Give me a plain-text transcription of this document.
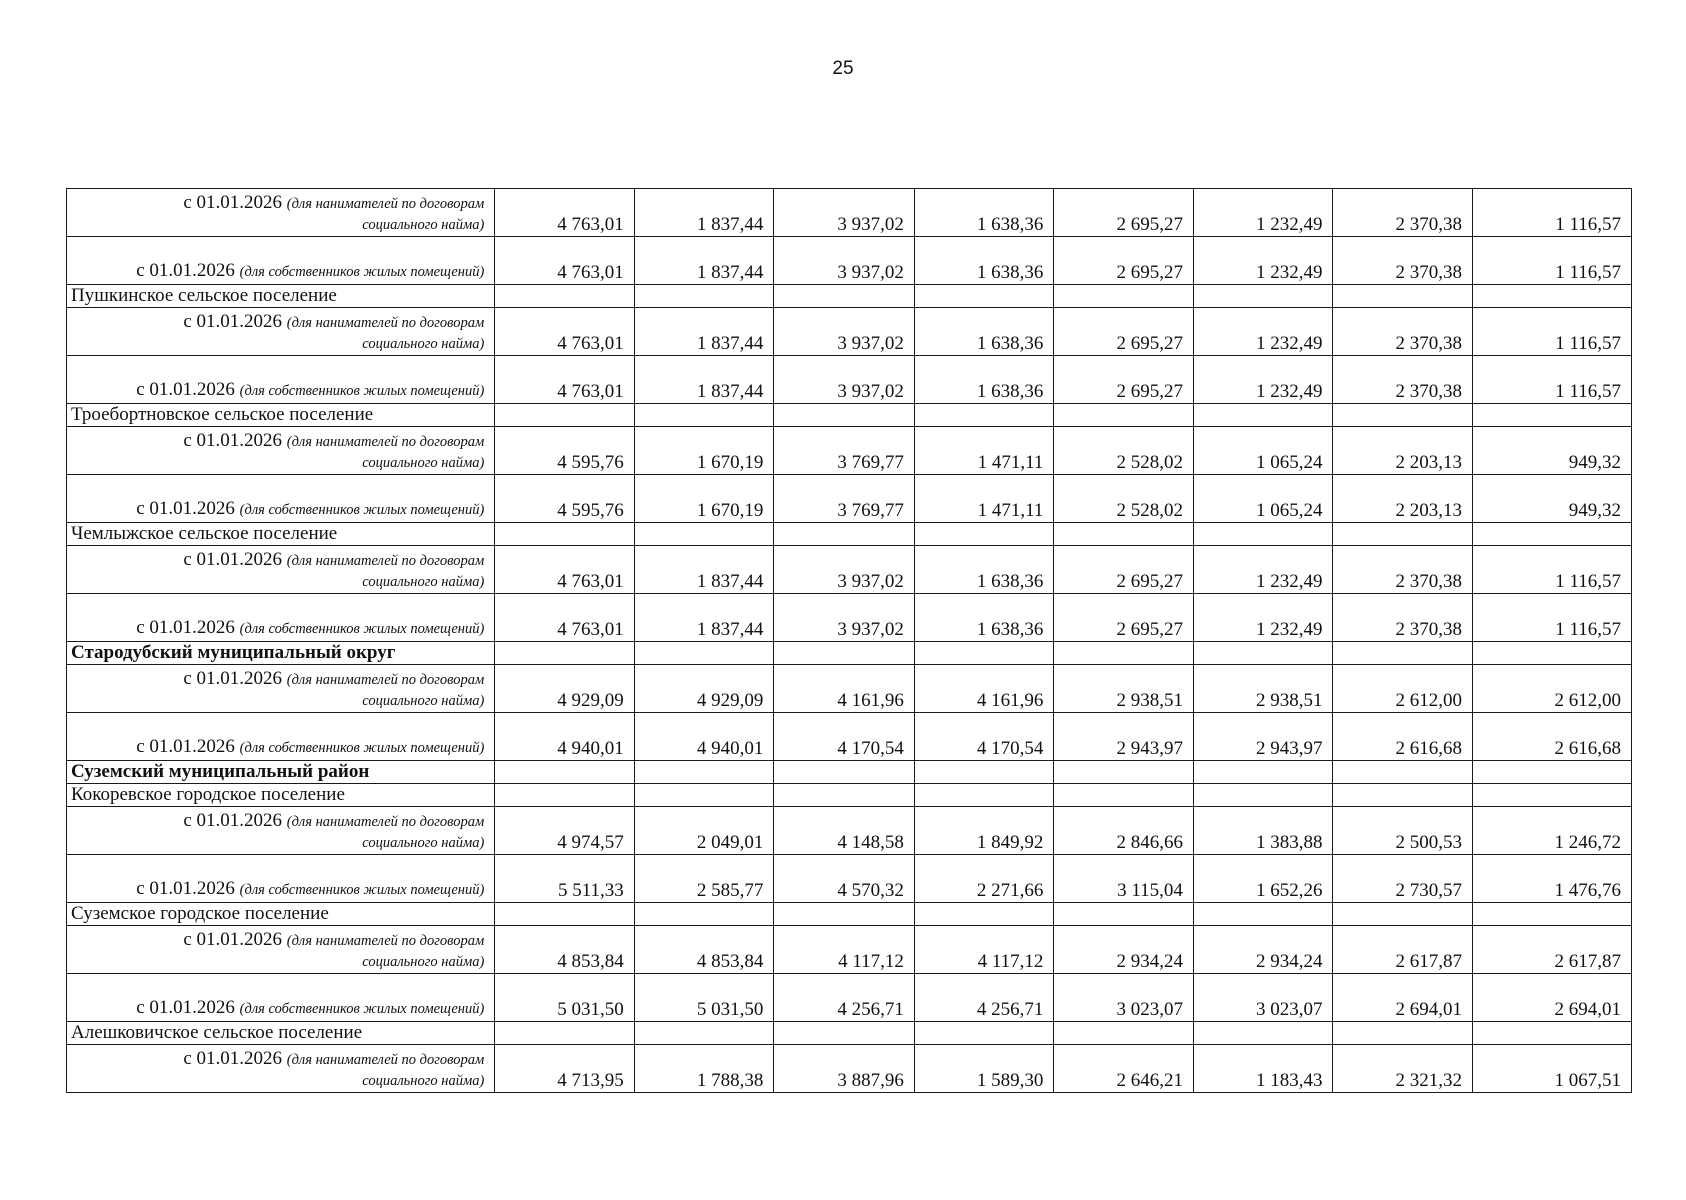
25
с 01.01.2026 (для нанимателей по договорам
социального найма)	4 763,01	1 837,44	3 937,02	1 638,36	2 695,27	1 232,49	2 370,38	1 116,57

с 01.01.2026 (для собственников жилых помещений)	4 763,01	1 837,44	3 937,02	1 638,36	2 695,27	1 232,49	2 370,38	1 116,57
Пушкинское сельское поселение								

с 01.01.2026 (для нанимателей по договорам
социального найма)	4 763,01	1 837,44	3 937,02	1 638,36	2 695,27	1 232,49	2 370,38	1 116,57

с 01.01.2026 (для собственников жилых помещений)	4 763,01	1 837,44	3 937,02	1 638,36	2 695,27	1 232,49	2 370,38	1 116,57
Троебортновское сельское поселение								

с 01.01.2026 (для нанимателей по договорам
социального найма)	4 595,76	1 670,19	3 769,77	1 471,11	2 528,02	1 065,24	2 203,13	949,32

с 01.01.2026 (для собственников жилых помещений)	4 595,76	1 670,19	3 769,77	1 471,11	2 528,02	1 065,24	2 203,13	949,32
Чемлыжское сельское поселение								

с 01.01.2026 (для нанимателей по договорам
социального найма)	4 763,01	1 837,44	3 937,02	1 638,36	2 695,27	1 232,49	2 370,38	1 116,57

с 01.01.2026 (для собственников жилых помещений)	4 763,01	1 837,44	3 937,02	1 638,36	2 695,27	1 232,49	2 370,38	1 116,57
Стародубский муниципальный округ								

с 01.01.2026 (для нанимателей по договорам
социального найма)	4 929,09	4 929,09	4 161,96	4 161,96	2 938,51	2 938,51	2 612,00	2 612,00

с 01.01.2026 (для собственников жилых помещений)	4 940,01	4 940,01	4 170,54	4 170,54	2 943,97	2 943,97	2 616,68	2 616,68
Суземский муниципальный район								
Кокоревское городское поселение								

с 01.01.2026 (для нанимателей по договорам
социального найма)	4 974,57	2 049,01	4 148,58	1 849,92	2 846,66	1 383,88	2 500,53	1 246,72

с 01.01.2026 (для собственников жилых помещений)	5 511,33	2 585,77	4 570,32	2 271,66	3 115,04	1 652,26	2 730,57	1 476,76
Суземское городское поселение								

с 01.01.2026 (для нанимателей по договорам
социального найма)	4 853,84	4 853,84	4 117,12	4 117,12	2 934,24	2 934,24	2 617,87	2 617,87

с 01.01.2026 (для собственников жилых помещений)	5 031,50	5 031,50	4 256,71	4 256,71	3 023,07	3 023,07	2 694,01	2 694,01
Алешковичское сельское поселение								

с 01.01.2026 (для нанимателей по договорам
социального найма)	4 713,95	1 788,38	3 887,96	1 589,30	2 646,21	1 183,43	2 321,32	1 067,51
